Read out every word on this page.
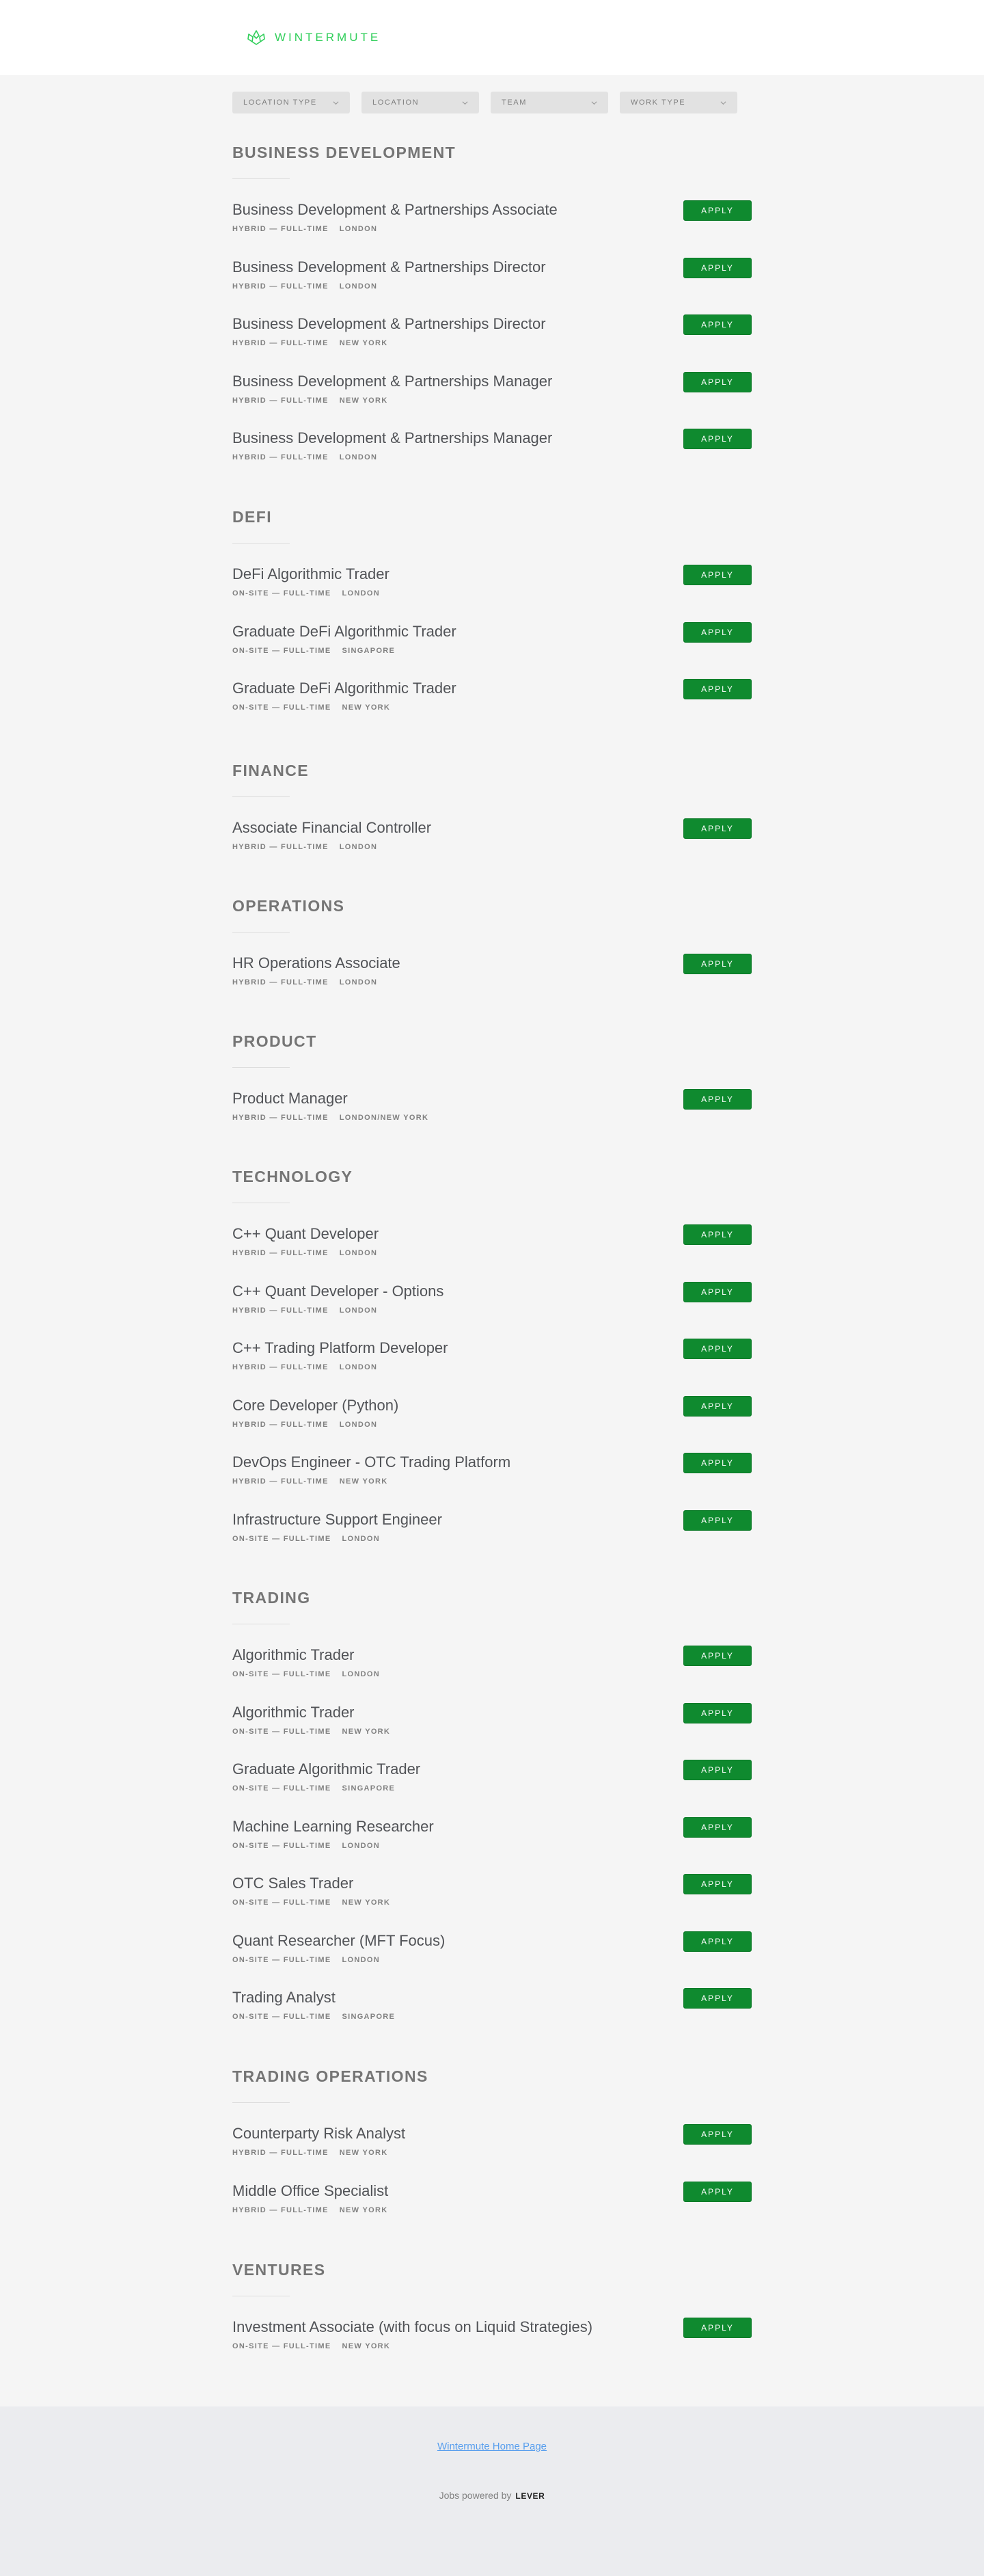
WINTERMUTE
LOCATION TYPE	LOCATION	TEAM	WORK TYPE
BUSINESS DEVELOPMENT
Business Development & Partnerships Associate
HYBRID — FULL-TIME LONDON
APPLY
Business Development & Partnerships Director
HYBRID — FULL-TIME LONDON
APPLY
Business Development & Partnerships Director
HYBRID — FULL-TIME NEW YORK
APPLY
Business Development & Partnerships Manager
HYBRID — FULL-TIME NEW YORK
APPLY
Business Development & Partnerships Manager
HYBRID — FULL-TIME LONDON
APPLY
DEFI
DeFi Algorithmic Trader
ON-SITE — FULL-TIME LONDON
APPLY
Graduate DeFi Algorithmic Trader
ON-SITE — FULL-TIME SINGAPORE
APPLY
Graduate DeFi Algorithmic Trader
ON-SITE — FULL-TIME NEW YORK
APPLY
FINANCE
Associate Financial Controller
HYBRID — FULL-TIME LONDON
APPLY
OPERATIONS
HR Operations Associate
HYBRID — FULL-TIME LONDON
APPLY
PRODUCT
Product Manager
HYBRID — FULL-TIME LONDON/NEW YORK
APPLY
TECHNOLOGY
C++ Quant Developer
HYBRID — FULL-TIME LONDON
APPLY
C++ Quant Developer - Options
HYBRID — FULL-TIME LONDON
APPLY
C++ Trading Platform Developer
HYBRID — FULL-TIME LONDON
APPLY
Core Developer (Python)
HYBRID — FULL-TIME LONDON
APPLY
DevOps Engineer - OTC Trading Platform
HYBRID — FULL-TIME NEW YORK
APPLY
Infrastructure Support Engineer
ON-SITE — FULL-TIME LONDON
APPLY
TRADING
Algorithmic Trader
ON-SITE — FULL-TIME LONDON
APPLY
Algorithmic Trader
ON-SITE — FULL-TIME NEW YORK
APPLY
Graduate Algorithmic Trader
ON-SITE — FULL-TIME SINGAPORE
APPLY
Machine Learning Researcher
ON-SITE — FULL-TIME LONDON
APPLY
OTC Sales Trader
ON-SITE — FULL-TIME NEW YORK
APPLY
Quant Researcher (MFT Focus)
ON-SITE — FULL-TIME LONDON
APPLY
Trading Analyst
ON-SITE — FULL-TIME SINGAPORE
APPLY
TRADING OPERATIONS
Counterparty Risk Analyst
HYBRID — FULL-TIME NEW YORK
APPLY
Middle Office Specialist
HYBRID — FULL-TIME NEW YORK
APPLY
VENTURES
Investment Associate (with focus on Liquid Strategies)
ON-SITE — FULL-TIME NEW YORK
APPLY
Wintermute Home Page
Jobs powered by LEVER
